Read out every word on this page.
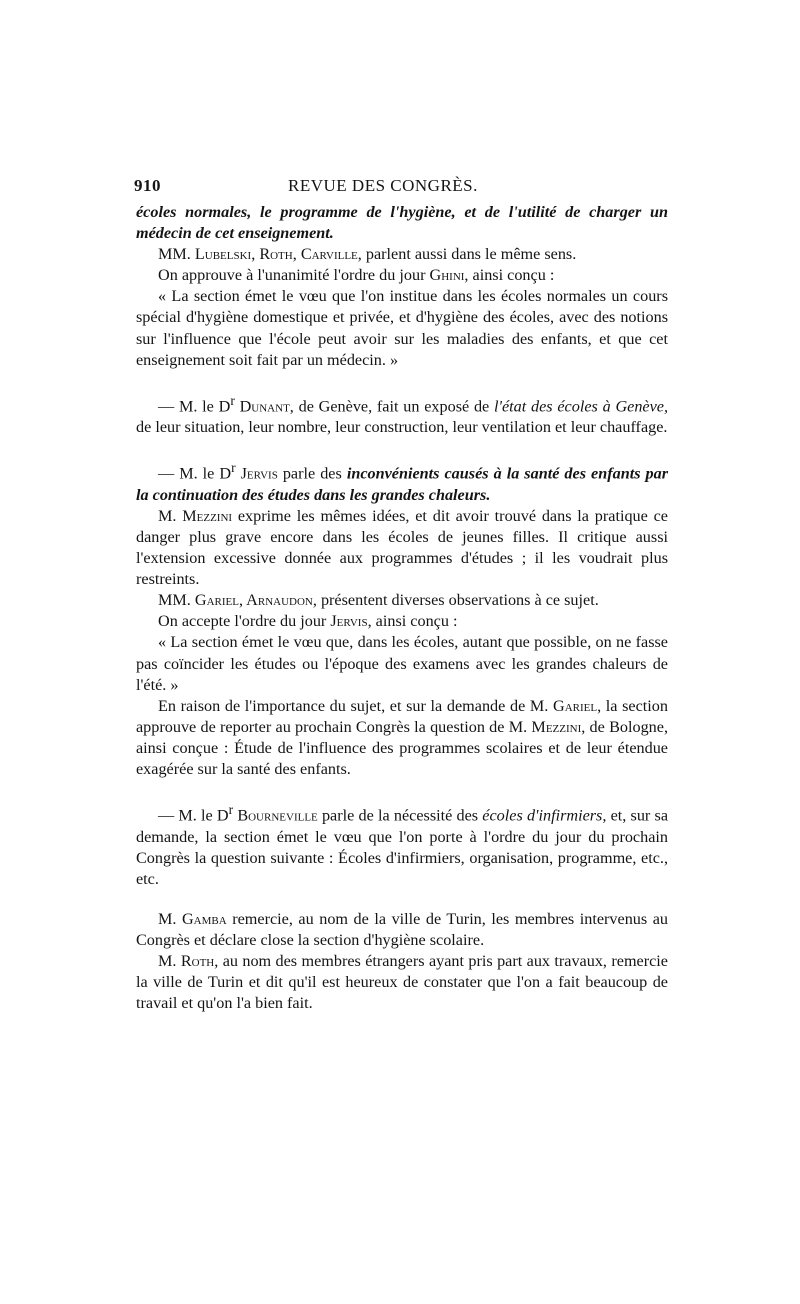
910	REVUE DES CONGRÈS.

écoles normales, le programme de l'hygiène, et de l'utilité de charger un médecin de cet enseignement.

MM. Lubelski, Roth, Carville, parlent aussi dans le même sens.

On approuve à l'unanimité l'ordre du jour Ghini, ainsi conçu :

« La section émet le vœu que l'on institue dans les écoles normales un cours spécial d'hygiène domestique et privée, et d'hygiène des écoles, avec des notions sur l'influence que l'école peut avoir sur les maladies des enfants, et que cet enseignement soit fait par un médecin. »

— M. le $D^r$ Dunant, de Genève, fait un exposé de l'état des écoles à Genève, de leur situation, leur nombre, leur construction, leur ventilation et leur chauffage.

— M. le $D^r$ Jervis parle des inconvénients causés à la santé des enfants par la continuation des études dans les grandes chaleurs.

M. Mezzini exprime les mêmes idées, et dit avoir trouvé dans la pratique ce danger plus grave encore dans les écoles de jeunes filles. Il critique aussi l'extension excessive donnée aux programmes d'études ; il les voudrait plus restreints.

MM. Gariel, Arnaudon, présentent diverses observations à ce sujet.

On accepte l'ordre du jour Jervis, ainsi conçu :

« La section émet le vœu que, dans les écoles, autant que possible, on ne fasse pas coïncider les études ou l'époque des examens avec les grandes chaleurs de l'été. »

En raison de l'importance du sujet, et sur la demande de M. Gariel, la section approuve de reporter au prochain Congrès la question de M. Mezzini, de Bologne, ainsi conçue : Étude de l'influence des programmes scolaires et de leur étendue exagérée sur la santé des enfants.

— M. le $D^r$ Bourneville parle de la nécessité des écoles d'infirmiers, et, sur sa demande, la section émet le vœu que l'on porte à l'ordre du jour du prochain Congrès la question suivante : Écoles d'infirmiers, organisation, programme, etc., etc.

M. Gamba remercie, au nom de la ville de Turin, les membres intervenus au Congrès et déclare close la section d'hygiène scolaire.

M. Roth, au nom des membres étrangers ayant pris part aux travaux, remercie la ville de Turin et dit qu'il est heureux de constater que l'on a fait beaucoup de travail et qu'on l'a bien fait.
